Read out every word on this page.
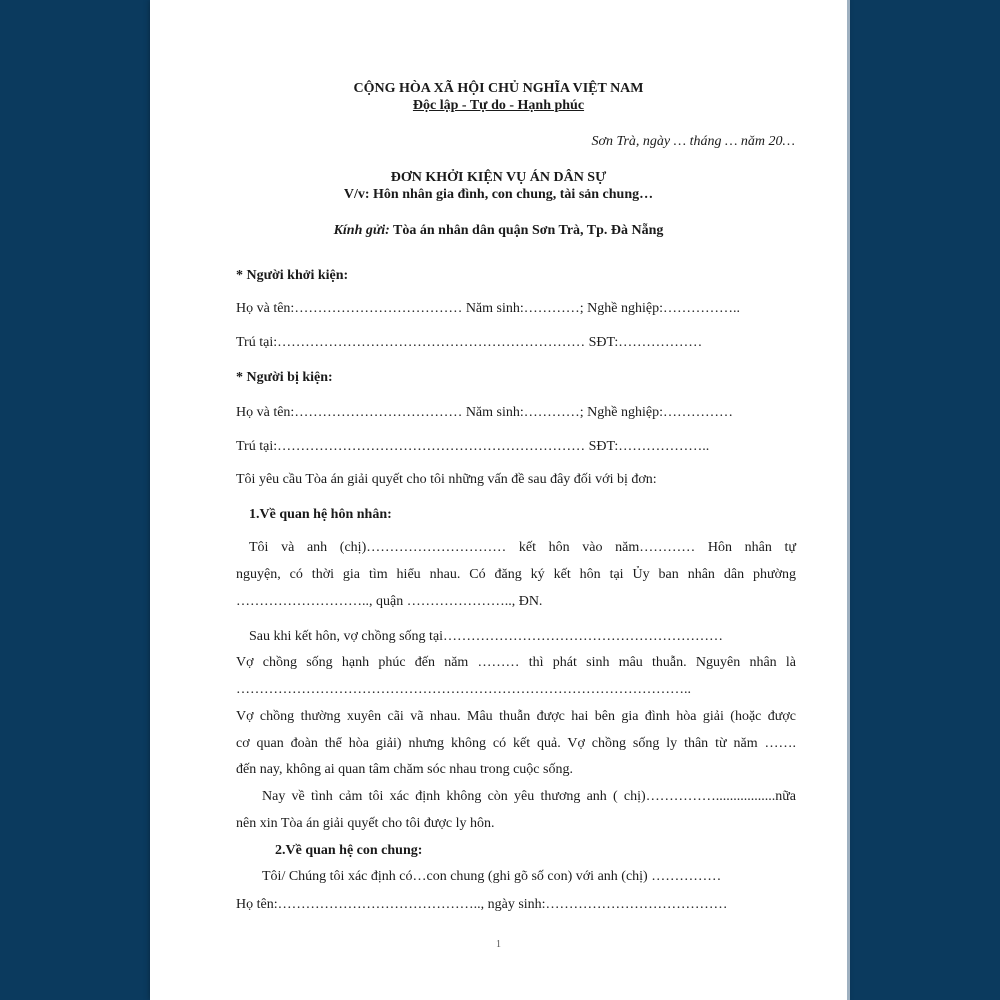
CỘNG HÒA XÃ HỘI CHỦ NGHĨA VIỆT NAM
Độc lập - Tự do - Hạnh phúc
Sơn Trà, ngày … tháng … năm 20…
ĐƠN KHỞI KIỆN VỤ ÁN DÂN SỰ
V/v: Hôn nhân gia đình, con chung, tài sản chung…
Kính gửi: Tòa án nhân dân quận Sơn Trà, Tp. Đà Nẵng
* Người khởi kiện:
Họ và tên:……………………………… Năm sinh:…………; Nghề nghiệp:……………..
Trú tại:………………………………………………………… SĐT:………………
* Người bị kiện:
Họ và tên:……………………………… Năm sinh:…………; Nghề nghiệp:……………
Trú tại:………………………………………………………… SĐT:………………..
Tôi yêu cầu Tòa án giải quyết cho tôi những vấn đề sau đây đối với bị đơn:
1.Về quan hệ hôn nhân:
Tôi và anh (chị)………………………… kết hôn vào năm………… Hôn nhân tự
nguyện, có thời gia tìm hiểu nhau. Có đăng ký kết hôn tại Ủy ban nhân dân phường
……………………….., quận ………………….., ĐN.
Sau khi kết hôn, vợ chồng sống tại……………………………………………………
Vợ chồng sống hạnh phúc đến năm ……… thì phát sinh mâu thuẫn. Nguyên nhân là
……………………………………………………………………………………..
Vợ chồng thường xuyên cãi vã nhau. Mâu thuẫn được hai bên gia đình hòa giải (hoặc được
cơ quan đoàn thể hòa giải) nhưng không có kết quả. Vợ chồng sống ly thân từ năm …….
đến nay, không ai quan tâm chăm sóc nhau trong cuộc sống.
Nay về tình cảm tôi xác định không còn yêu thương anh ( chị)…………….................nữa
nên xin Tòa án giải quyết cho tôi được ly hôn.
2.Về quan hệ con chung:
Tôi/ Chúng tôi xác định có…con chung (ghi gõ số con) với anh (chị) ……………
Họ tên:…………………………………….., ngày sinh:…………………………………
1
